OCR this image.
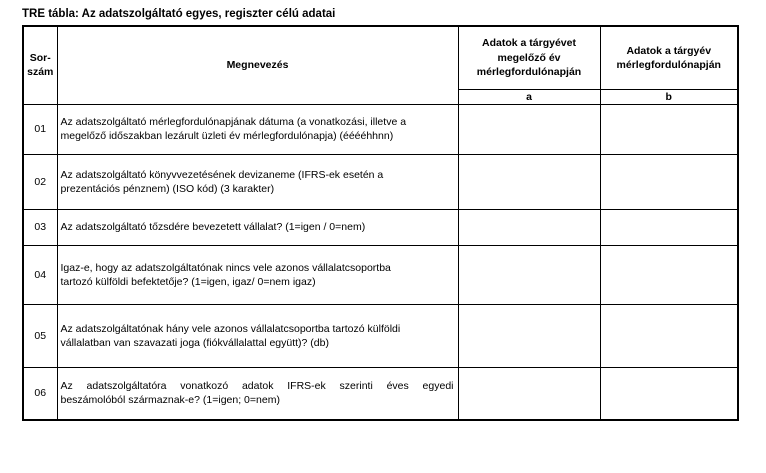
TRE tábla: Az adatszolgáltató egyes, regiszter célú adatai
Sor-
szám	Megnevezés	Adatok a tárgyévet
megelőző év
mérlegfordulónapján	Adatok a tárgyév
mérlegfordulónapján
		a	b
01	Az adatszolgáltató mérlegfordulónapjának dátuma (a vonatkozási, illetve a
megelőző időszakban lezárult üzleti év mérlegfordulónapja) (ééééhhnn)		
02	Az adatszolgáltató könyvvezetésének devizaneme (IFRS-ek esetén a
prezentációs pénznem) (ISO kód) (3 karakter)		
03	Az adatszolgáltató tőzsdére bevezetett vállalat? (1=igen / 0=nem)		
04	Igaz-e, hogy az adatszolgáltatónak nincs vele azonos vállalatcsoportba
tartozó külföldi befektetője? (1=igen, igaz/ 0=nem igaz)		
05	Az adatszolgáltatónak hány vele azonos vállalatcsoportba tartozó külföldi
vállalatban van szavazati joga (fiókvállalattal együtt)? (db)		
06	Az adatszolgáltatóra vonatkozó adatok IFRS-ek szerinti éves egyedi
beszámolóból származnak-e? (1=igen; 0=nem)		
